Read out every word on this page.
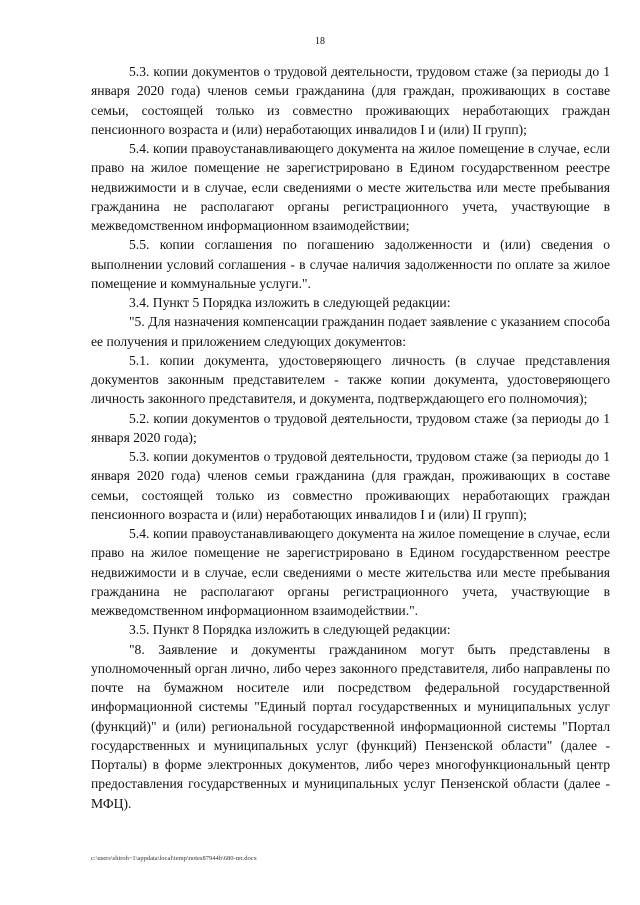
18

5.3. копии документов о трудовой деятельности, трудовом стаже (за периоды до 1 января 2020 года) членов семьи гражданина (для граждан, проживающих в составе семьи, состоящей только из совместно проживающих неработающих граждан пенсионного возраста и (или) неработающих инвалидов I и (или) II групп);

5.4. копии правоустанавливающего документа на жилое помещение в случае, если право на жилое помещение не зарегистрировано в Едином государственном реестре недвижимости и в случае, если сведениями о месте жительства или месте пребывания гражданина не располагают органы регистрационного учета, участвующие в межведомственном информационном взаимодействии;

5.5. копии соглашения по погашению задолженности и (или) сведения о выполнении условий соглашения - в случае наличия задолженности по оплате за жилое помещение и коммунальные услуги.".

3.4. Пункт 5 Порядка изложить в следующей редакции:

"5. Для назначения компенсации гражданин подает заявление с указанием способа ее получения и приложением следующих документов:

5.1. копии документа, удостоверяющего личность (в случае представления документов законным представителем - также копии документа, удостоверяющего личность законного представителя, и документа, подтверждающего его полномочия);

5.2. копии документов о трудовой деятельности, трудовом стаже (за периоды до 1 января 2020 года);

5.3. копии документов о трудовой деятельности, трудовом стаже (за периоды до 1 января 2020 года) членов семьи гражданина (для граждан, проживающих в составе семьи, состоящей только из совместно проживающих неработающих граждан пенсионного возраста и (или) неработающих инвалидов I и (или) II групп);

5.4. копии правоустанавливающего документа на жилое помещение в случае, если право на жилое помещение не зарегистрировано в Едином государственном реестре недвижимости и в случае, если сведениями о месте жительства или месте пребывания гражданина не располагают органы регистрационного учета, участвующие в межведомственном информационном взаимодействии.".

3.5. Пункт 8 Порядка изложить в следующей редакции:

"8. Заявление и документы гражданином могут быть представлены в уполномоченный орган лично, либо через законного представителя, либо направлены по почте на бумажном носителе или посредством федеральной государственной информационной системы "Единый портал государственных и муниципальных услуг (функций)" и (или) региональной государственной информационной системы "Портал государственных и муниципальных услуг (функций) Пензенской области" (далее - Порталы) в форме электронных документов, либо через многофункциональный центр предоставления государственных и муниципальных услуг Пензенской области (далее - МФЦ).

c:\users\shiroh~1\appdata\local\temp\notes87944b\680-пп.docx
